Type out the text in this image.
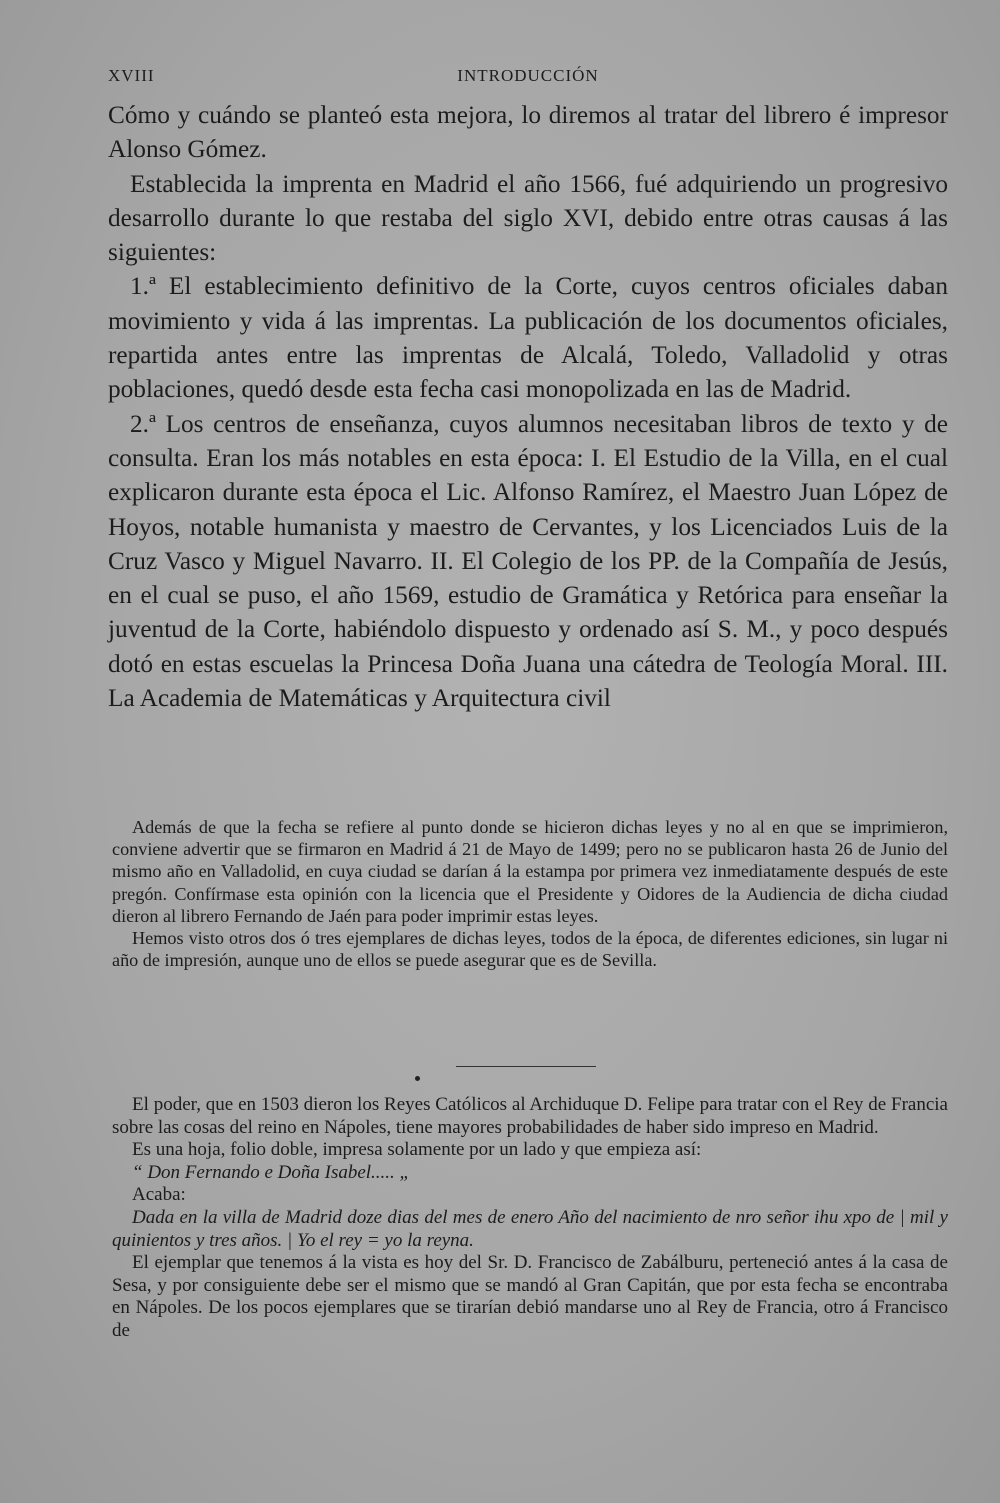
XVIII	INTRODUCCIÓN

Cómo y cuándo se planteó esta mejora, lo diremos al tratar del librero é impresor Alonso Gómez.

Establecida la imprenta en Madrid el año 1566, fué adquiriendo un progresivo desarrollo durante lo que restaba del siglo XVI, debido entre otras causas á las siguientes:

1.ª El establecimiento definitivo de la Corte, cuyos centros oficiales daban movimiento y vida á las imprentas. La publicación de los documentos oficiales, repartida antes entre las imprentas de Alcalá, Toledo, Valladolid y otras poblaciones, quedó desde esta fecha casi monopolizada en las de Madrid.

2.ª Los centros de enseñanza, cuyos alumnos necesitaban libros de texto y de consulta. Eran los más notables en esta época: I. El Estudio de la Villa, en el cual explicaron durante esta época el Lic. Alfonso Ramírez, el Maestro Juan López de Hoyos, notable humanista y maestro de Cervantes, y los Licenciados Luis de la Cruz Vasco y Miguel Navarro. II. El Colegio de los PP. de la Compañía de Jesús, en el cual se puso, el año 1569, estudio de Gramática y Retórica para enseñar la juventud de la Corte, habiéndolo dispuesto y ordenado así S. M., y poco después dotó en estas escuelas la Princesa Doña Juana una cátedra de Teología Moral. III. La Academia de Matemáticas y Arquitectura civil

Además de que la fecha se refiere al punto donde se hicieron dichas leyes y no al en que se imprimieron, conviene advertir que se firmaron en Madrid á 21 de Mayo de 1499; pero no se publicaron hasta 26 de Junio del mismo año en Valladolid, en cuya ciudad se darían á la estampa por primera vez inmediatamente después de este pregón. Confírmase esta opinión con la licencia que el Presidente y Oidores de la Audiencia de dicha ciudad dieron al librero Fernando de Jaén para poder imprimir estas leyes.

Hemos visto otros dos ó tres ejemplares de dichas leyes, todos de la época, de diferentes ediciones, sin lugar ni año de impresión, aunque uno de ellos se puede asegurar que es de Sevilla.

El poder, que en 1503 dieron los Reyes Católicos al Archiduque D. Felipe para tratar con el Rey de Francia sobre las cosas del reino en Nápoles, tiene mayores probabilidades de haber sido impreso en Madrid.

Es una hoja, folio doble, impresa solamente por un lado y que empieza así:

“ Don Fernando e Doña Isabel..... „

Acaba:

Dada en la villa de Madrid doze dias del mes de enero Año del nacimiento de nro señor ihu xpo de | mil y quinientos y tres años. | Yo el rey = yo la reyna.

El ejemplar que tenemos á la vista es hoy del Sr. D. Francisco de Zabálburu, perteneció antes á la casa de Sesa, y por consiguiente debe ser el mismo que se mandó al Gran Capitán, que por esta fecha se encontraba en Nápoles. De los pocos ejemplares que se tirarían debió mandarse uno al Rey de Francia, otro á Francisco de
